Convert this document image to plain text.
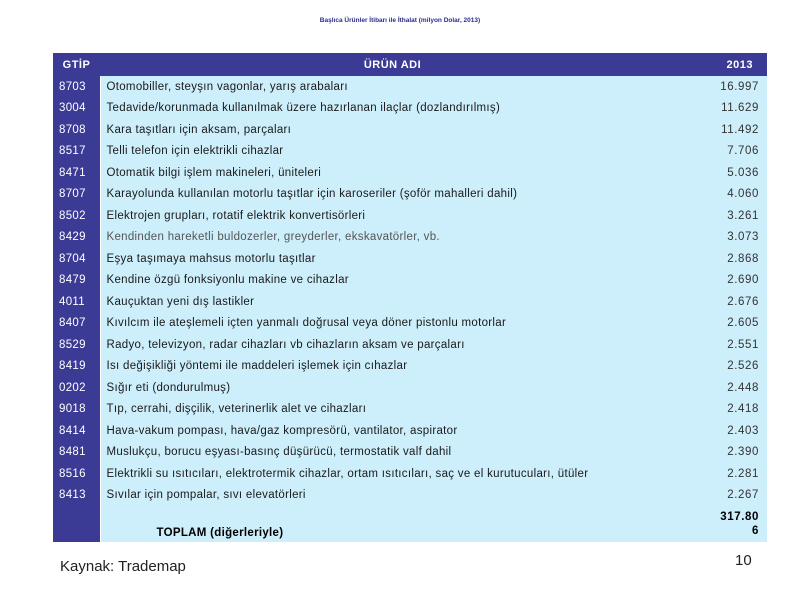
Başlıca Ürünler İtibarı ile İthalat (milyon Dolar, 2013)
GTİP	ÜRÜN ADI	2013
8703	Otomobiller, steyşın vagonlar, yarış arabaları	16.997
3004	Tedavide/korunmada kullanılmak üzere hazırlanan ilaçlar (dozlandırılmış)	11.629
8708	Kara taşıtları için aksam, parçaları	11.492
8517	Telli telefon için elektrikli cihazlar	7.706
8471	Otomatik bilgi işlem makineleri, üniteleri	5.036
8707	Karayolunda kullanılan motorlu taşıtlar için karoseriler (şoför mahalleri dahil)	4.060
8502	Elektrojen grupları, rotatif elektrik konvertisörleri	3.261
8429	Kendinden hareketli buldozerler, greyderler, ekskavatörler, vb.	3.073
8704	Eşya taşımaya mahsus motorlu taşıtlar	2.868
8479	Kendine özgü fonksiyonlu makine ve cihazlar	2.690
4011	Kauçuktan yeni dış lastikler	2.676
8407	Kıvılcım ile ateşlemeli içten yanmalı doğrusal veya döner pistonlu motorlar	2.605
8529	Radyo, televizyon, radar cihazları vb cihazların aksam ve parçaları	2.551
8419	Isı değişikliği yöntemi ile maddeleri işlemek için cıhazlar	2.526
0202	Sığır eti (dondurulmuş)	2.448
9018	Tıp, cerrahi, dişçilik, veterinerlik alet ve cihazları	2.418
8414	Hava-vakum pompası, hava/gaz kompresörü, vantilator, aspirator	2.403
8481	Muslukçu, borucu eşyası-basınç düşürücü, termostatik valf dahil	2.390
8516	Elektrikli su ısıtıcıları, elektrotermik cihazlar, ortam ısıtıcıları, saç ve el kurutucuları, ütüler	2.281
8413	Sıvılar için pompalar, sıvı elevatörleri	2.267
	TOPLAM (diğerleriyle)	317.80
6
Kaynak: Trademap	10
